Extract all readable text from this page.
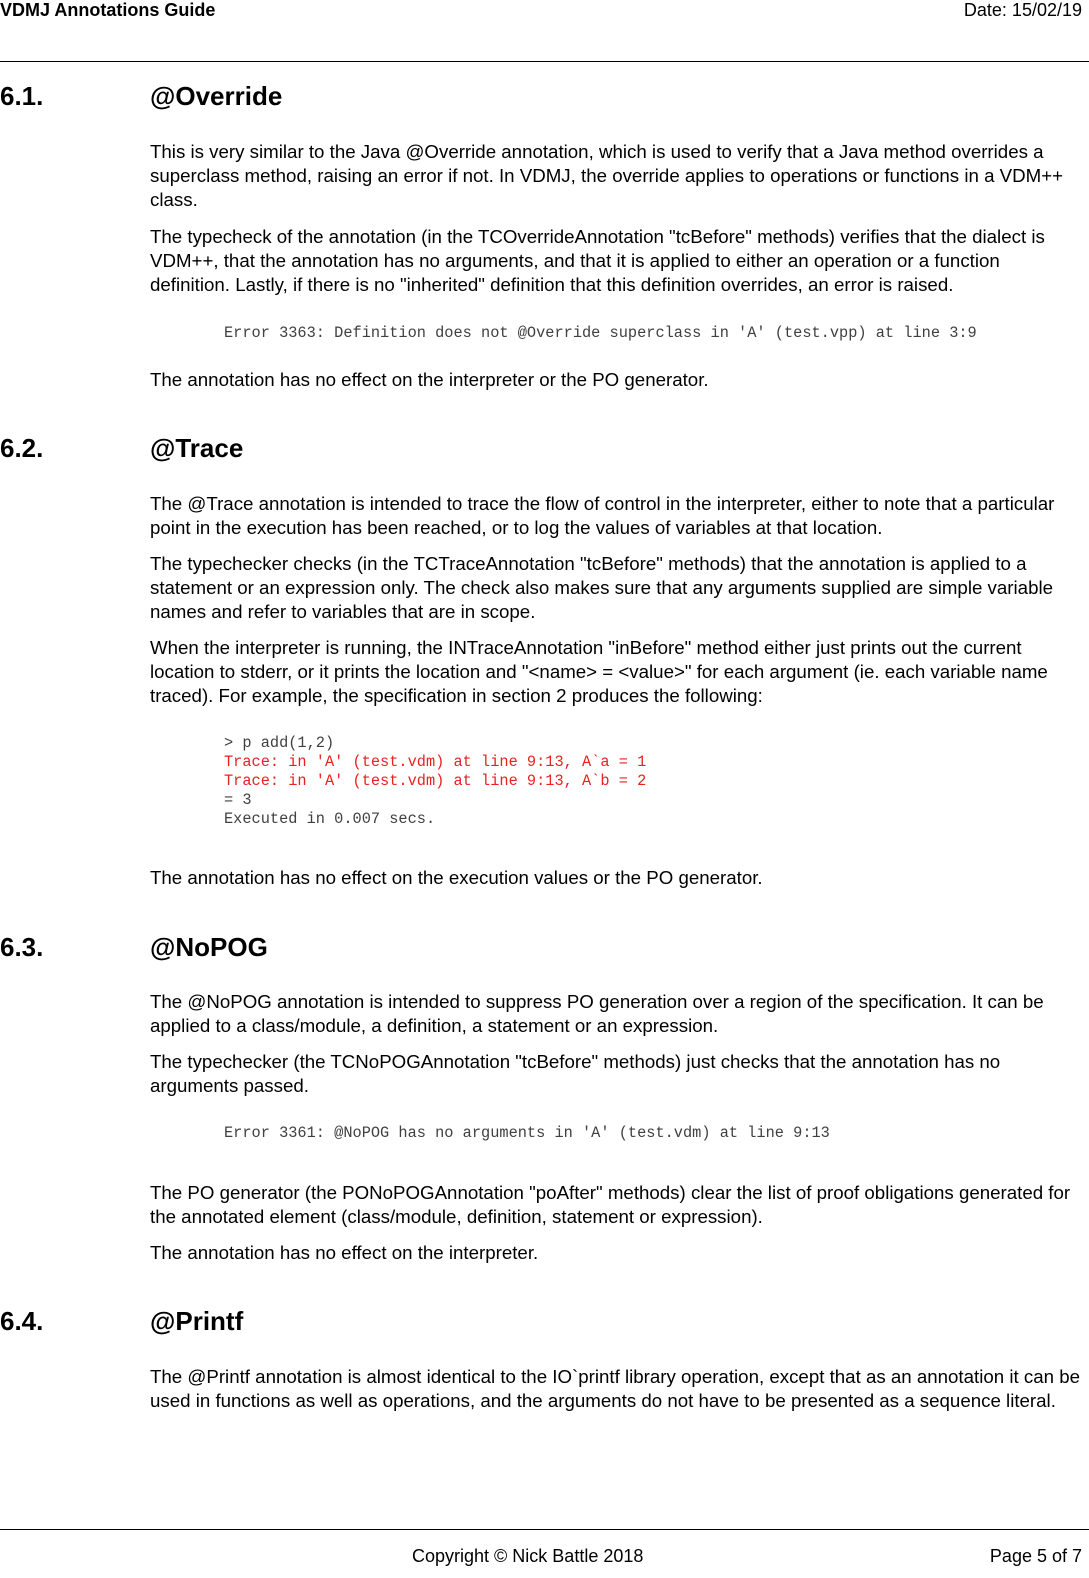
VDMJ Annotations Guide	Date: 15/02/19
6.1.	@Override

This is very similar to the Java @Override annotation, which is used to verify that a Java method overrides a superclass method, raising an error if not. In VDMJ, the override applies to operations or functions in a VDM++ class.

The typecheck of the annotation (in the TCOverrideAnnotation "tcBefore" methods) verifies that the dialect is VDM++, that the annotation has no arguments, and that it is applied to either an operation or a function definition. Lastly, if there is no "inherited" definition that this definition overrides, an error is raised.

Error 3363: Definition does not @Override superclass in 'A' (test.vpp) at line 3:9

The annotation has no effect on the interpreter or the PO generator.

6.2.	@Trace

The @Trace annotation is intended to trace the flow of control in the interpreter, either to note that a particular point in the execution has been reached, or to log the values of variables at that location.

The typechecker checks (in the TCTraceAnnotation "tcBefore" methods) that the annotation is applied to a statement or an expression only. The check also makes sure that any arguments supplied are simple variable names and refer to variables that are in scope.

When the interpreter is running, the INTraceAnnotation "inBefore" method either just prints out the current location to stderr, or it prints the location and "<name> = <value>" for each argument (ie. each variable name traced). For example, the specification in section 2 produces the following:

> p add(1,2)
Trace: in 'A' (test.vdm) at line 9:13, A`a = 1
Trace: in 'A' (test.vdm) at line 9:13, A`b = 2
= 3
Executed in 0.007 secs.

The annotation has no effect on the execution values or the PO generator.

6.3.	@NoPOG

The @NoPOG annotation is intended to suppress PO generation over a region of the specification. It can be applied to a class/module, a definition, a statement or an expression.

The typechecker (the TCNoPOGAnnotation "tcBefore" methods) just checks that the annotation has no arguments passed.

Error 3361: @NoPOG has no arguments in 'A' (test.vdm) at line 9:13

The PO generator (the PONoPOGAnnotation "poAfter" methods) clear the list of proof obligations generated for the annotated element (class/module, definition, statement or expression).

The annotation has no effect on the interpreter.

6.4.	@Printf

The @Printf annotation is almost identical to the IO`printf library operation, except that as an annotation it can be used in functions as well as operations, and the arguments do not have to be presented as a sequence literal.

Copyright © Nick Battle 2018	Page 5 of 7
